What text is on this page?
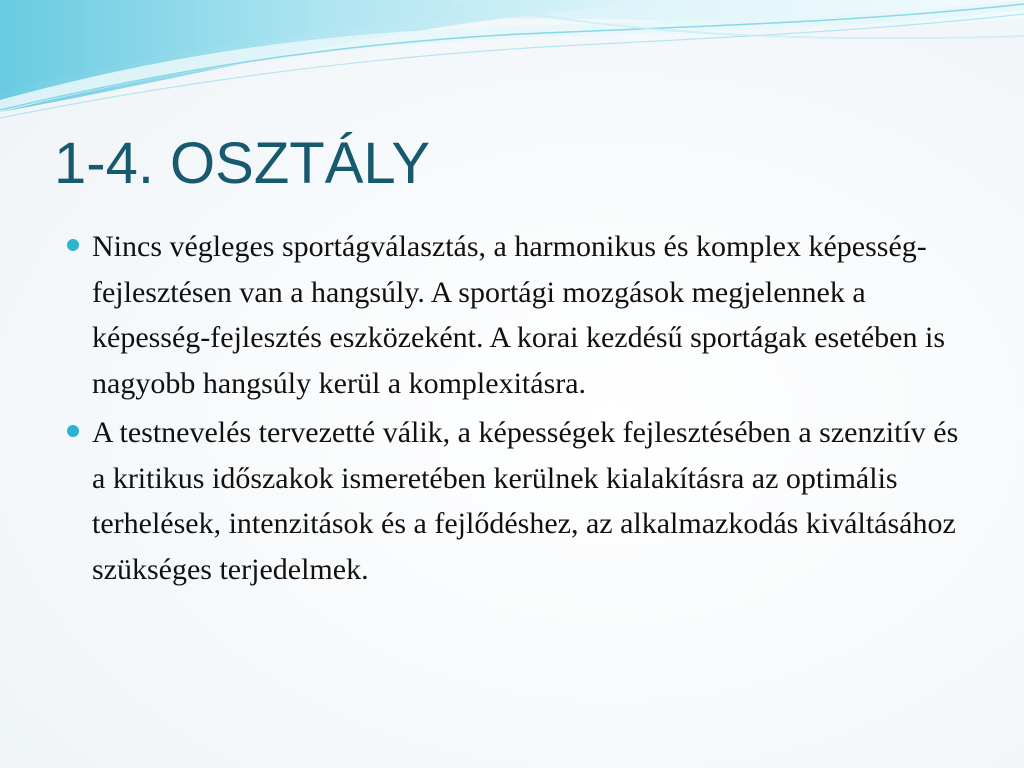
1-4. OSZTÁLY
Nincs végleges sportágválasztás, a harmonikus és komplex képesség-fejlesztésen van a hangsúly. A sportági mozgások megjelennek a képesség-fejlesztés eszközeként. A korai kezdésű sportágak esetében is nagyobb hangsúly kerül a komplexitásra.
A testnevelés tervezetté válik, a képességek fejlesztésében a szenzitív és a kritikus időszakok ismeretében kerülnek kialakításra az optimális terhelések, intenzitások és a fejlődéshez, az alkalmazkodás kiváltásához szükséges terjedelmek.
